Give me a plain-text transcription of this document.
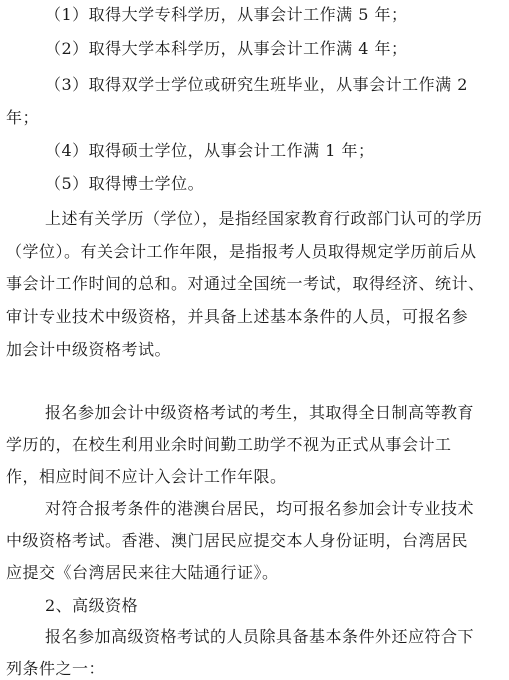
（1）取得大学专科学历，从事会计工作满 5 年；
（2）取得大学本科学历，从事会计工作满 4 年；
（3）取得双学士学位或研究生班毕业，从事会计工作满 2
年；
（4）取得硕士学位，从事会计工作满 1 年；
（5）取得博士学位。
上述有关学历（学位），是指经国家教育行政部门认可的学历
（学位）。有关会计工作年限，是指报考人员取得规定学历前后从
事会计工作时间的总和。对通过全国统一考试，取得经济、统计、
审计专业技术中级资格，并具备上述基本条件的人员，可报名参
加会计中级资格考试。
报名参加会计中级资格考试的考生，其取得全日制高等教育
学历的，在校生利用业余时间勤工助学不视为正式从事会计工
作，相应时间不应计入会计工作年限。
对符合报考条件的港澳台居民，均可报名参加会计专业技术
中级资格考试。香港、澳门居民应提交本人身份证明，台湾居民
应提交《台湾居民来往大陆通行证》。
2、高级资格
报名参加高级资格考试的人员除具备基本条件外还应符合下
列条件之一：
